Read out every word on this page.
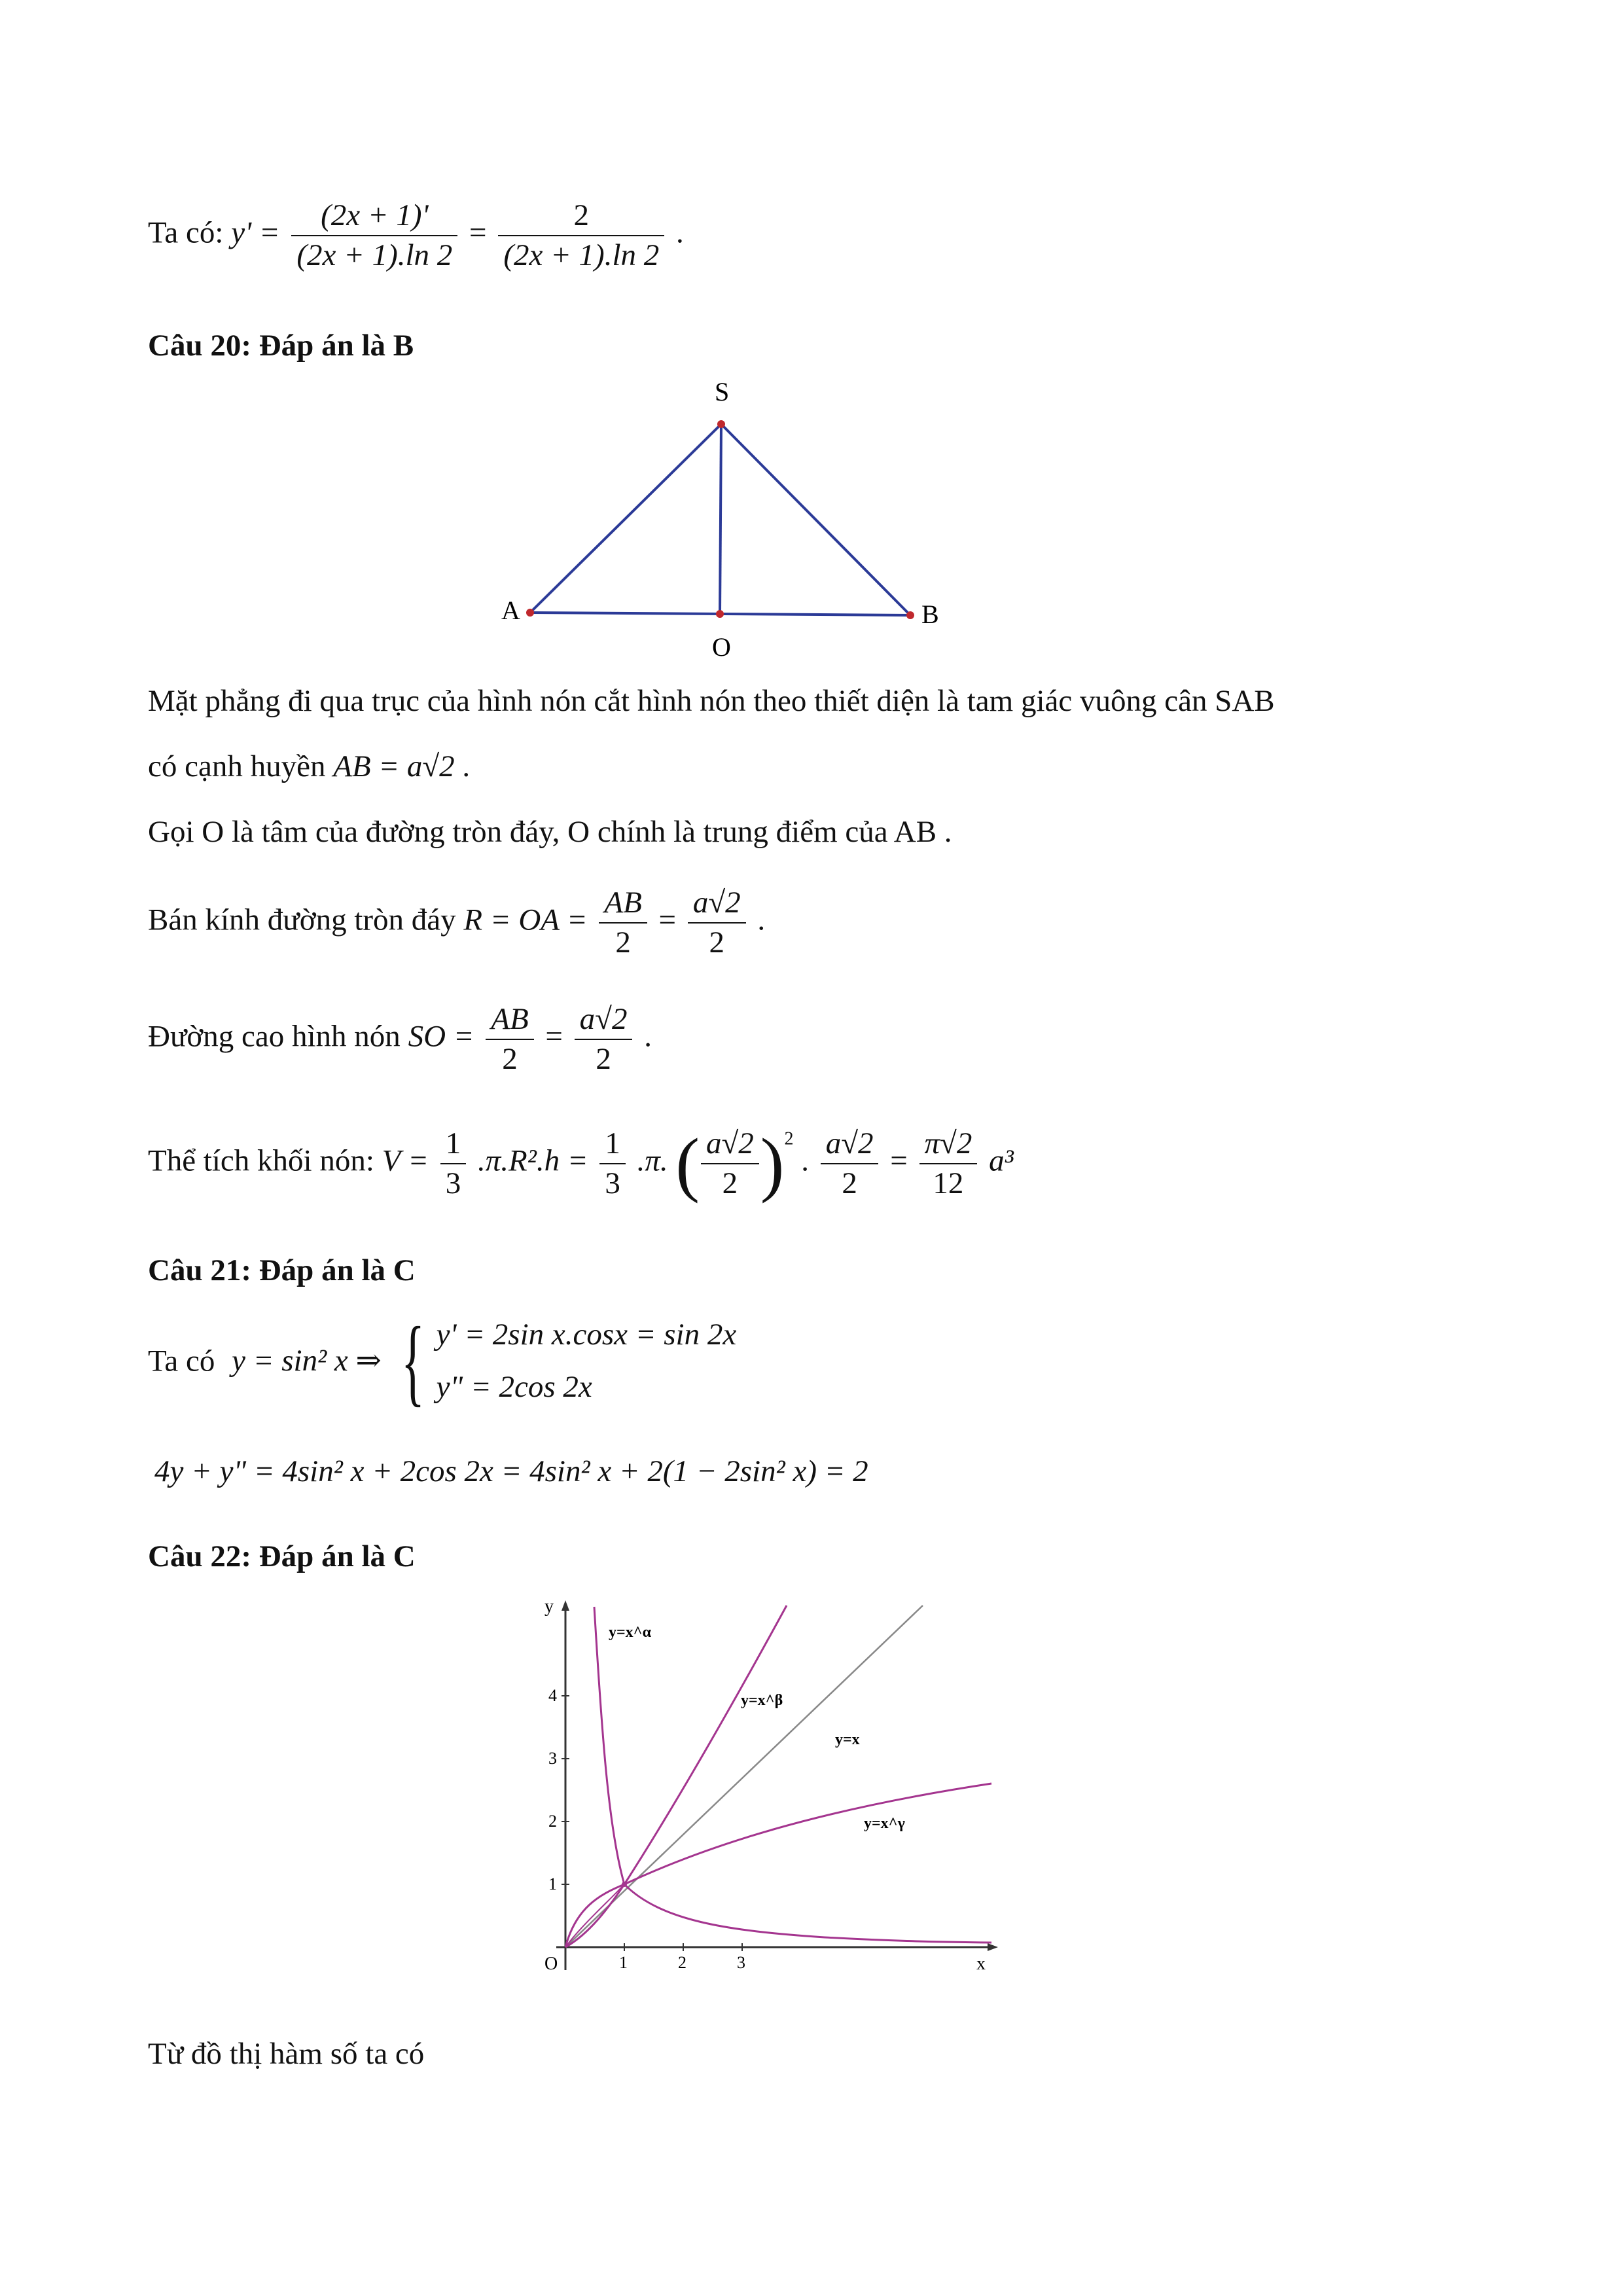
Ta có: $y' = \frac{(2x + 1)'}{(2x + 1).\ln 2} = \frac{2}{(2x + 1).\ln 2}$ .
Câu 20: Đáp án là B
S
A	B
O
Mặt phẳng đi qua trục của hình nón cắt hình nón theo thiết diện là tam giác vuông cân SAB
có cạnh huyền AB = a√2 .
Gọi O là tâm của đường tròn đáy, O chính là trung điểm của AB .
Bán kính đường tròn đáy R = OA = $\frac{AB}{2} = \frac{a√2}{2}$ .
Đường cao hình nón SO = $\frac{AB}{2} = \frac{a√2}{2}$ .
Thể tích khối nón: $V = \frac{1}{3} .\pi.R^2.h = \frac{1}{3} .\pi$. ( $\frac{a√2}{2} )^2$ . $\frac{a√2}{2} = \frac{\pi√2}{12} a^3$
Câu 21: Đáp án là C
Ta có y = sin² x ⇒ { y' = 2sin x.cosx = sin 2x
y" = 2cos 2x
4y + y" = 4sin² x + 2cos 2x = 4sin² x + 2(1 − 2sin² x) = 2
Câu 22: Đáp án là C
1	2	3
1
2
3
4
O	x
y
y=x^α
y=x^β
y=x
y=x^γ
Từ đồ thị hàm số ta có
